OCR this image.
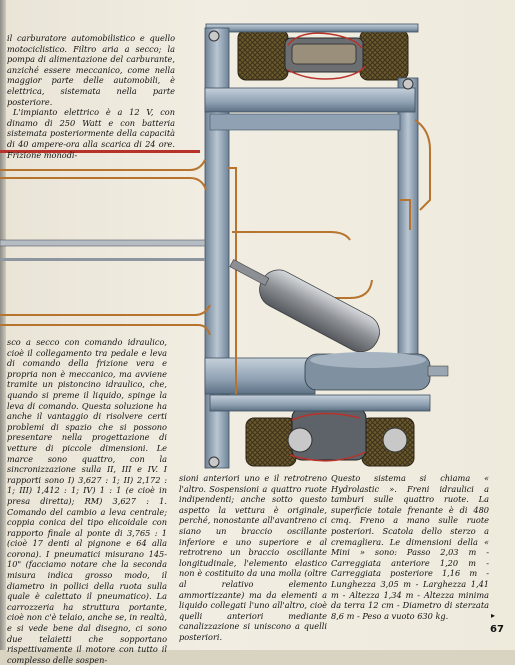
il carburatore automobilistico e quello motociclistico. Filtro aria a secco; la pompa di alimentazione del carburante, anziché essere meccanico, come nella maggior parte delle automobili, è elettrica, sistemata nella parte posteriore.

L'impianto elettrico è a 12 V, con dinamo di 250 Watt e con batteria sistemata posteriormente della capacità di 40 ampere-ora alla scarica di 24 ore. Frizione monodi-

sco a secco con comando idraulico, cioè il collegamento tra pedale e leva di comando della frizione vera e propria non è meccanico, ma avviene tramite un pistoncino idraulico, che, quando si preme il liquido, spinge la leva di comando. Questa soluzione ha anche il vantaggio di risolvere certi problemi di spazio che si possono presentare nella progettazione di vetture di piccole dimensioni. Le marce sono quattro, con la sincronizzazione sulla II, III e IV. I rapporti sono I) 3,627 : 1; II) 2,172 : 1; III) 1,412 : 1; IV) 1 : 1 (e cioè in presa diretta); RM) 3,627 : 1. Comando del cambio a leva centrale; coppia conica del tipo elicoidale con rapporto finale al ponte di 3,765 : 1 (cioè 17 denti al pignone e 64 alla corona). I pneumatici misurano 145-10" (facciamo notare che la seconda misura indica grosso modo, il diametro in pollici della ruota sulla quale è calettato il pneumatico). La carrozzeria ha struttura portante, cioè non c'è telaio, anche se, in realtà, e si vede bene dal disegno, ci sono due telaietti che sopportano rispettivamente il motore con tutto il complesso delle sospen-

sioni anteriori uno e il retrotreno l'altro. Sospensioni a quattro ruote indipendenti; anche sotto questo aspetto la vettura è originale, perché, nonostante all'avantreno ci siano un braccio oscillante inferiore e uno superiore e al retrotreno un braccio oscillante longitudinale, l'elemento elastico non è costituito da una molla (oltre al relativo elemento ammortizzante) ma da elementi a liquido collegati l'uno all'altro, cioè quelli anteriori mediante canalizzazione si uniscono a quelli posteriori.

Questo sistema si chiama « Hydrolastic ». Freni idraulici a tamburi sulle quattro ruote. La superficie totale frenante è di 480 cmq. Freno a mano sulle ruote posteriori. Scatola dello sterzo a cremagliera. Le dimensioni della « Mini » sono: Passo 2,03 m - Carreggiata anteriore 1,20 m - Carreggiata posteriore 1,16 m - Lunghezza 3,05 m - Larghezza 1,41 m - Altezza 1,34 m - Altezza minima da terra 12 cm - Diametro di sterzata 8,6 m - Peso a vuoto 630 kg.	▸
67
